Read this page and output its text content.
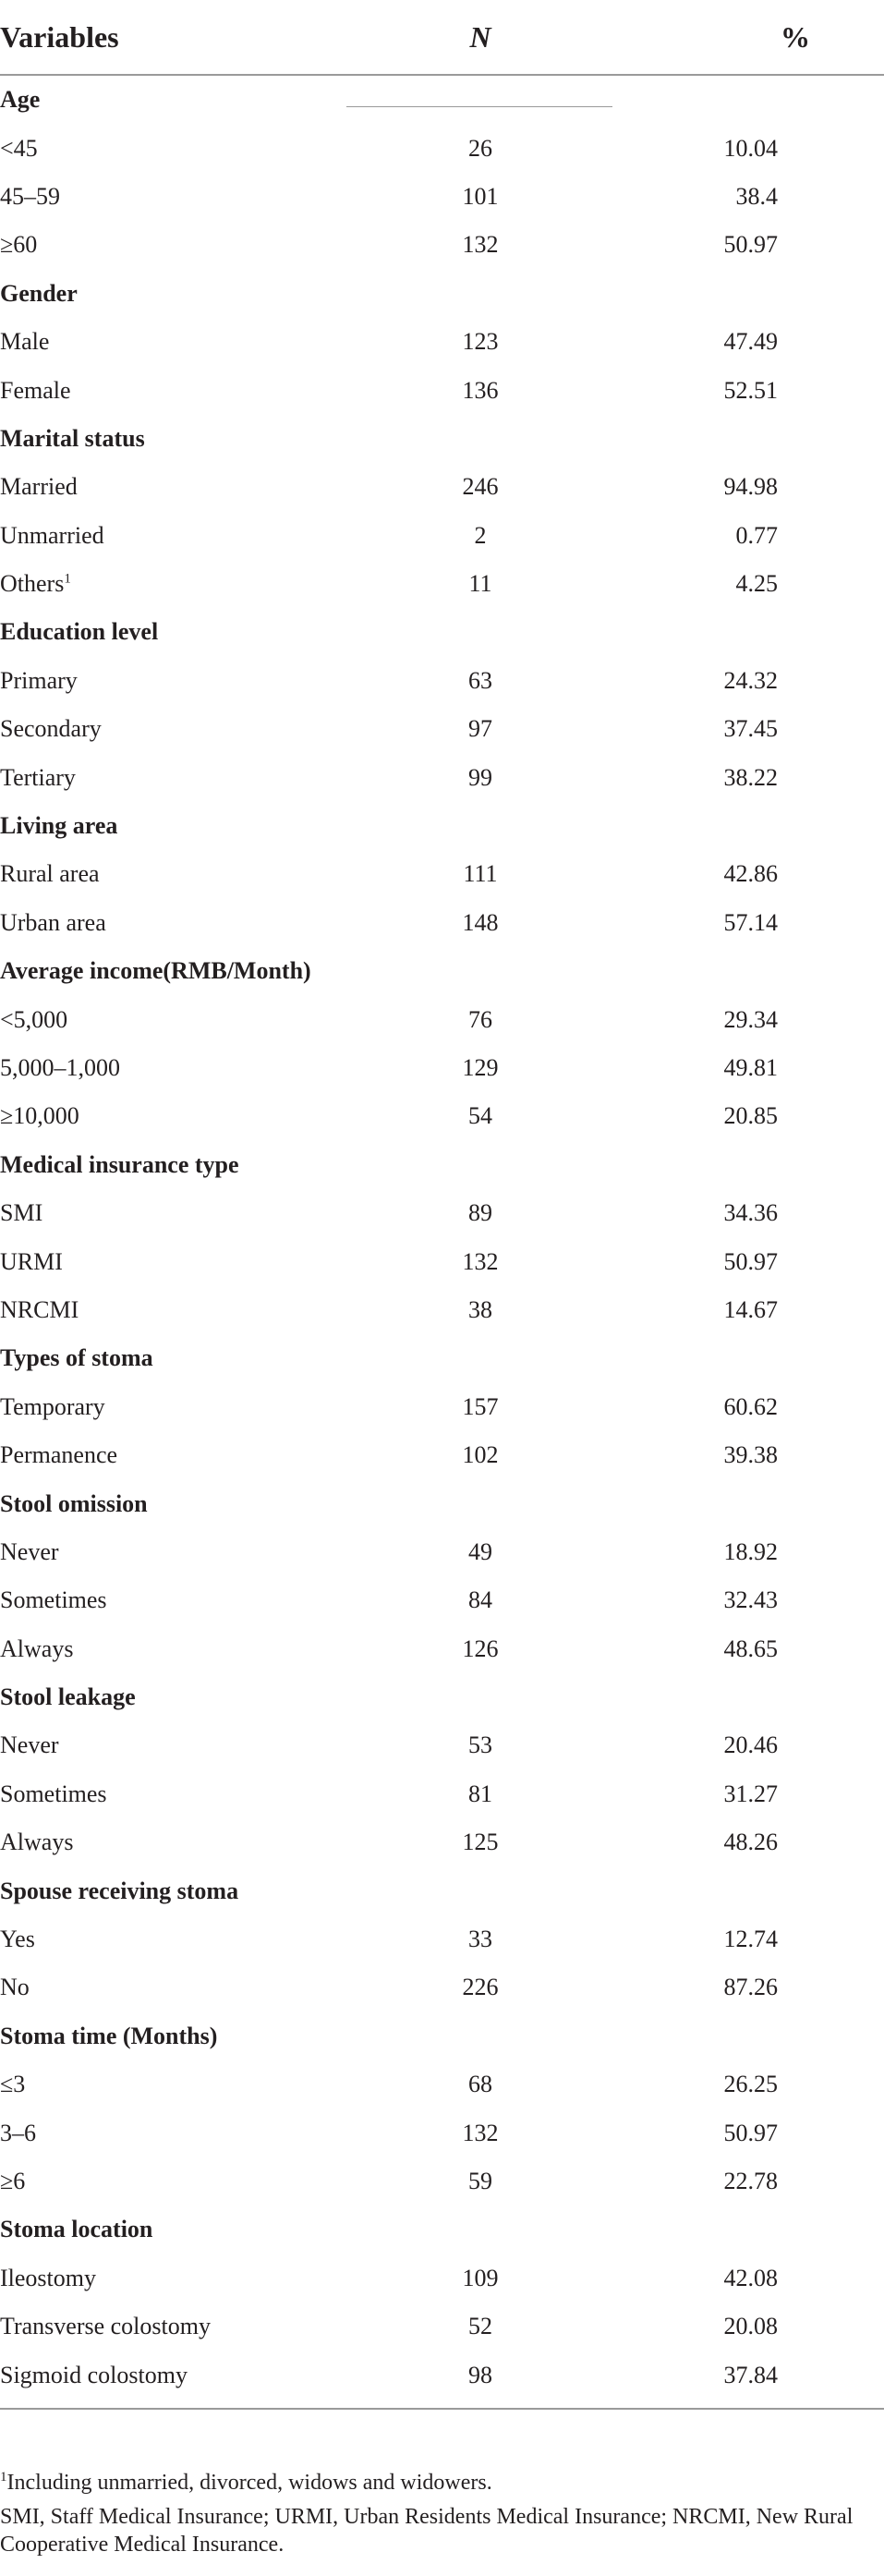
Variables	N	%
Age		
<45	26	10.04
45–59	101	38.4
≥60	132	50.97
Gender		
Male	123	47.49
Female	136	52.51
Marital status		
Married	246	94.98
Unmarried	2	0.77
Others$^1$	11	4.25
Education level		
Primary	63	24.32
Secondary	97	37.45
Tertiary	99	38.22
Living area		
Rural area	111	42.86
Urban area	148	57.14
Average income(RMB/Month)		
<5,000	76	29.34
5,000–1,000	129	49.81
≥10,000	54	20.85
Medical insurance type		
SMI	89	34.36
URMI	132	50.97
NRCMI	38	14.67
Types of stoma		
Temporary	157	60.62
Permanence	102	39.38
Stool omission		
Never	49	18.92
Sometimes	84	32.43
Always	126	48.65
Stool leakage		
Never	53	20.46
Sometimes	81	31.27
Always	125	48.26
Spouse receiving stoma		
Yes	33	12.74
No	226	87.26
Stoma time (Months)		
≤3	68	26.25
3–6	132	50.97
≥6	59	22.78
Stoma location		
Ileostomy	109	42.08
Transverse colostomy	52	20.08
Sigmoid colostomy	98	37.84

$^1$Including unmarried, divorced, widows and widowers.

SMI, Staff Medical Insurance; URMI, Urban Residents Medical Insurance; NRCMI, New Rural Cooperative Medical Insurance.
